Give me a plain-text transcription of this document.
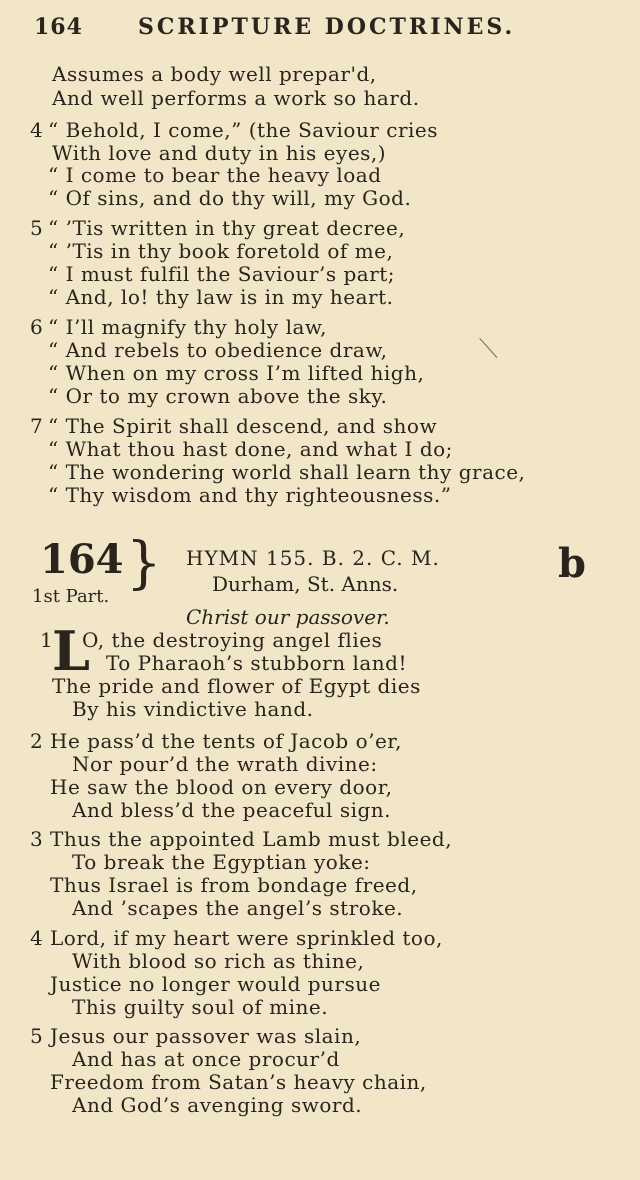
164	SCRIPTURE DOCTRINES.
Assumes a body well prepar'd,
And well performs a work so hard.
4 “ Behold, I come,” (the Saviour cries
With love and duty in his eyes,)
“ I come to bear the heavy load
“ Of sins, and do thy will, my God.
5 “ ’Tis written in thy great decree,
“ ’Tis in thy book foretold of me,
“ I must fulfil the Saviour’s part;
“ And, lo! thy law is in my heart.
6 “ I’ll magnify thy holy law,
“ And rebels to obedience draw,
“ When on my cross I’m lifted high,
“ Or to my crown above the sky.
7 “ The Spirit shall descend, and show
“ What thou hast done, and what I do;
“ The wondering world shall learn thy grace,
“ Thy wisdom and thy righteousness.”
164 }
1st Part.
HYMN 155. B. 2. C. M.
Durham, St. Anns.	b
Christ our passover.
1 L
O, the destroying angel flies
To Pharaoh’s stubborn land!
The pride and flower of Egypt dies
By his vindictive hand.
2 He pass’d the tents of Jacob o’er,
Nor pour’d the wrath divine:
He saw the blood on every door,
And bless’d the peaceful sign.
3 Thus the appointed Lamb must bleed,
To break the Egyptian yoke:
Thus Israel is from bondage freed,
And ’scapes the angel’s stroke.
4 Lord, if my heart were sprinkled too,
With blood so rich as thine,
Justice no longer would pursue
This guilty soul of mine.
5 Jesus our passover was slain,
And has at once procur’d
Freedom from Satan’s heavy chain,
And God’s avenging sword.
